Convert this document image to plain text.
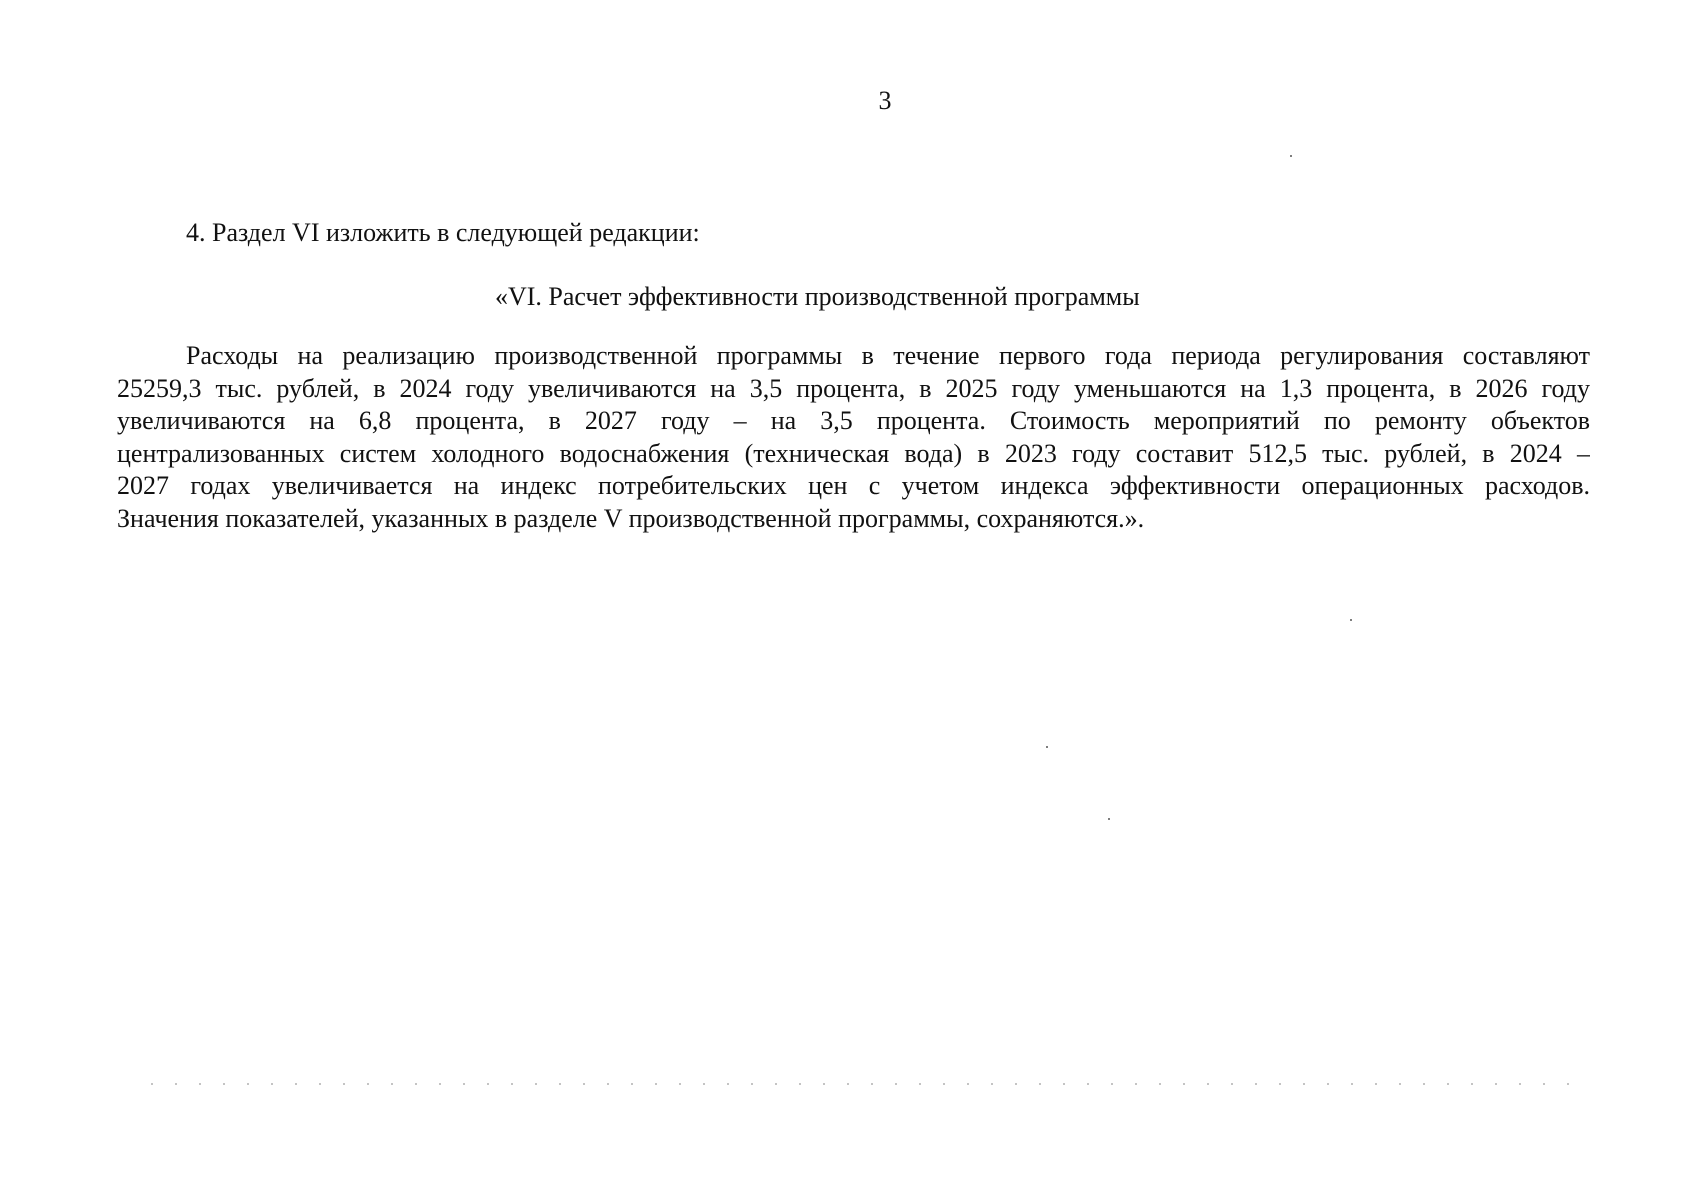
3
4. Раздел VI изложить в следующей редакции:
«VI. Расчет эффективности производственной программы
Расходы на реализацию производственной программы в течение первого года периода регулирования составляют
25259,3 тыс. рублей, в 2024 году увеличиваются на 3,5 процента, в 2025 году уменьшаются на 1,3 процента, в 2026 году
увеличиваются на 6,8 процента, в 2027 году – на 3,5 процента. Стоимость мероприятий по ремонту объектов
централизованных систем холодного водоснабжения (техническая вода) в 2023 году составит 512,5 тыс. рублей, в 2024 –
2027 годах увеличивается на индекс потребительских цен с учетом индекса эффективности операционных расходов.
Значения показателей, указанных в разделе V производственной программы, сохраняются.».
